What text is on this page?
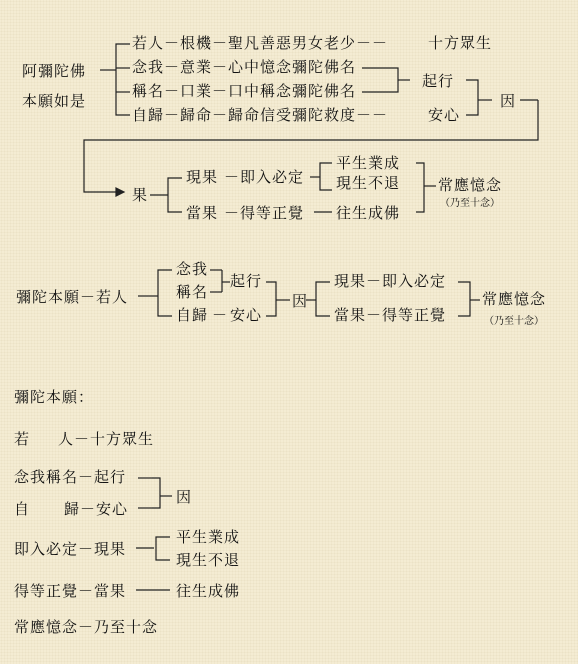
阿彌陀佛
本願如是
若人－根機－聖凡善惡男女老少－－	十方眾生
念我－意業－心中憶念彌陀佛名
稱名－口業－口中稱念彌陀佛名
自歸－歸命－歸命信受彌陀救度－－	安心
起行
因
果
現果 － 即入必定
平生業成
現生不退
當果 － 得等正覺 往生成佛
常應憶念
（乃至十念）
彌陀本願－若人
念我
稱名
自歸 －
起行
安心
因
現果－即入必定
當果－得等正覺
常應憶念
（乃至十念）
彌陀本願：
若 人－十方眾生
念我稱名－起行
自 歸－安心
因
即入必定－現果
平生業成
現生不退
得等正覺－當果	往生成佛
常應憶念－乃至十念
